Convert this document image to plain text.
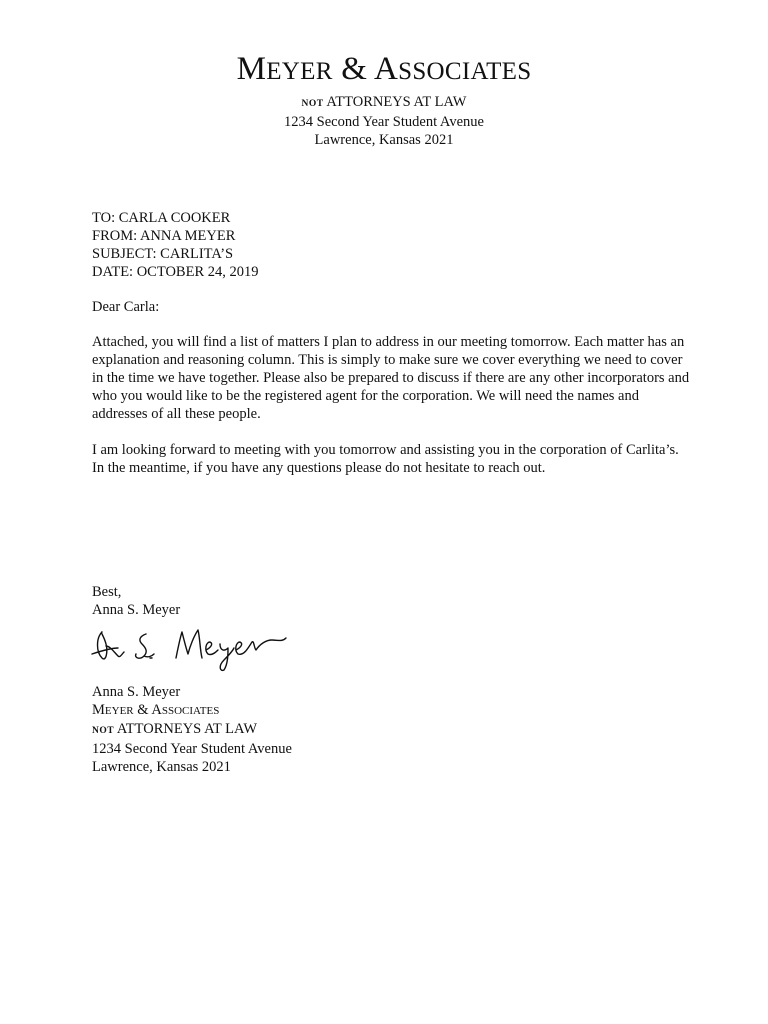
MEYER & ASSOCIATES
NOT ATTORNEYS AT LAW
1234 Second Year Student Avenue
Lawrence, Kansas 2021
TO: CARLA COOKER
FROM: ANNA MEYER
SUBJECT: CARLITA’S
DATE: OCTOBER 24, 2019
Dear Carla:
Attached, you will find a list of matters I plan to address in our meeting tomorrow. Each matter has an explanation and reasoning column. This is simply to make sure we cover everything we need to cover in the time we have together. Please also be prepared to discuss if there are any other incorporators and who you would like to be the registered agent for the corporation. We will need the names and addresses of all these people.
I am looking forward to meeting with you tomorrow and assisting you in the corporation of Carlita’s. In the meantime, if you have any questions please do not hesitate to reach out.
Best,
Anna S. Meyer
Anna S. Meyer
MEYER & ASSOCIATES
NOT ATTORNEYS AT LAW
1234 Second Year Student Avenue
Lawrence, Kansas 2021
